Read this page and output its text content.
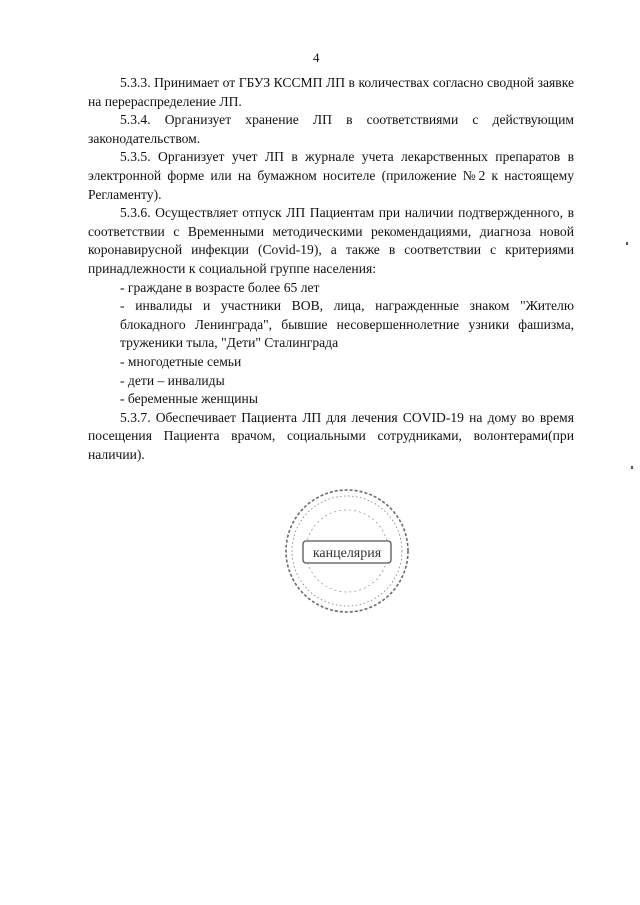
4

5.3.3. Принимает от ГБУЗ КССМП ЛП в количествах согласно сводной заявке на перераспределение ЛП.

5.3.4. Организует хранение ЛП в соответствиями с действующим законодательством.

5.3.5. Организует учет ЛП в журнале учета лекарственных препаратов в электронной форме или на бумажном носителе (приложение №2 к настоящему Регламенту).

5.3.6. Осуществляет отпуск ЛП Пациентам при наличии подтвержденного, в соответствии с Временными методическими рекомендациями, диагноза новой коронавирусной инфекции (Covid-19), а также в соответствии с критериями принадлежности к социальной группе населения:

- граждане в возрасте более 65 лет
- инвалиды и участники ВОВ, лица, награжденные знаком "Жителю блокадного Ленинграда", бывшие несовершеннолетние узники фашизма, труженики тыла, "Дети" Сталинграда
- многодетные семьи
- дети – инвалиды
- беременные женщины

5.3.7. Обеспечивает Пациента ЛП для лечения COVID-19 на дому во время посещения Пациента врачом, социальными сотрудниками, волонтерами(при наличии).

канцелярия
